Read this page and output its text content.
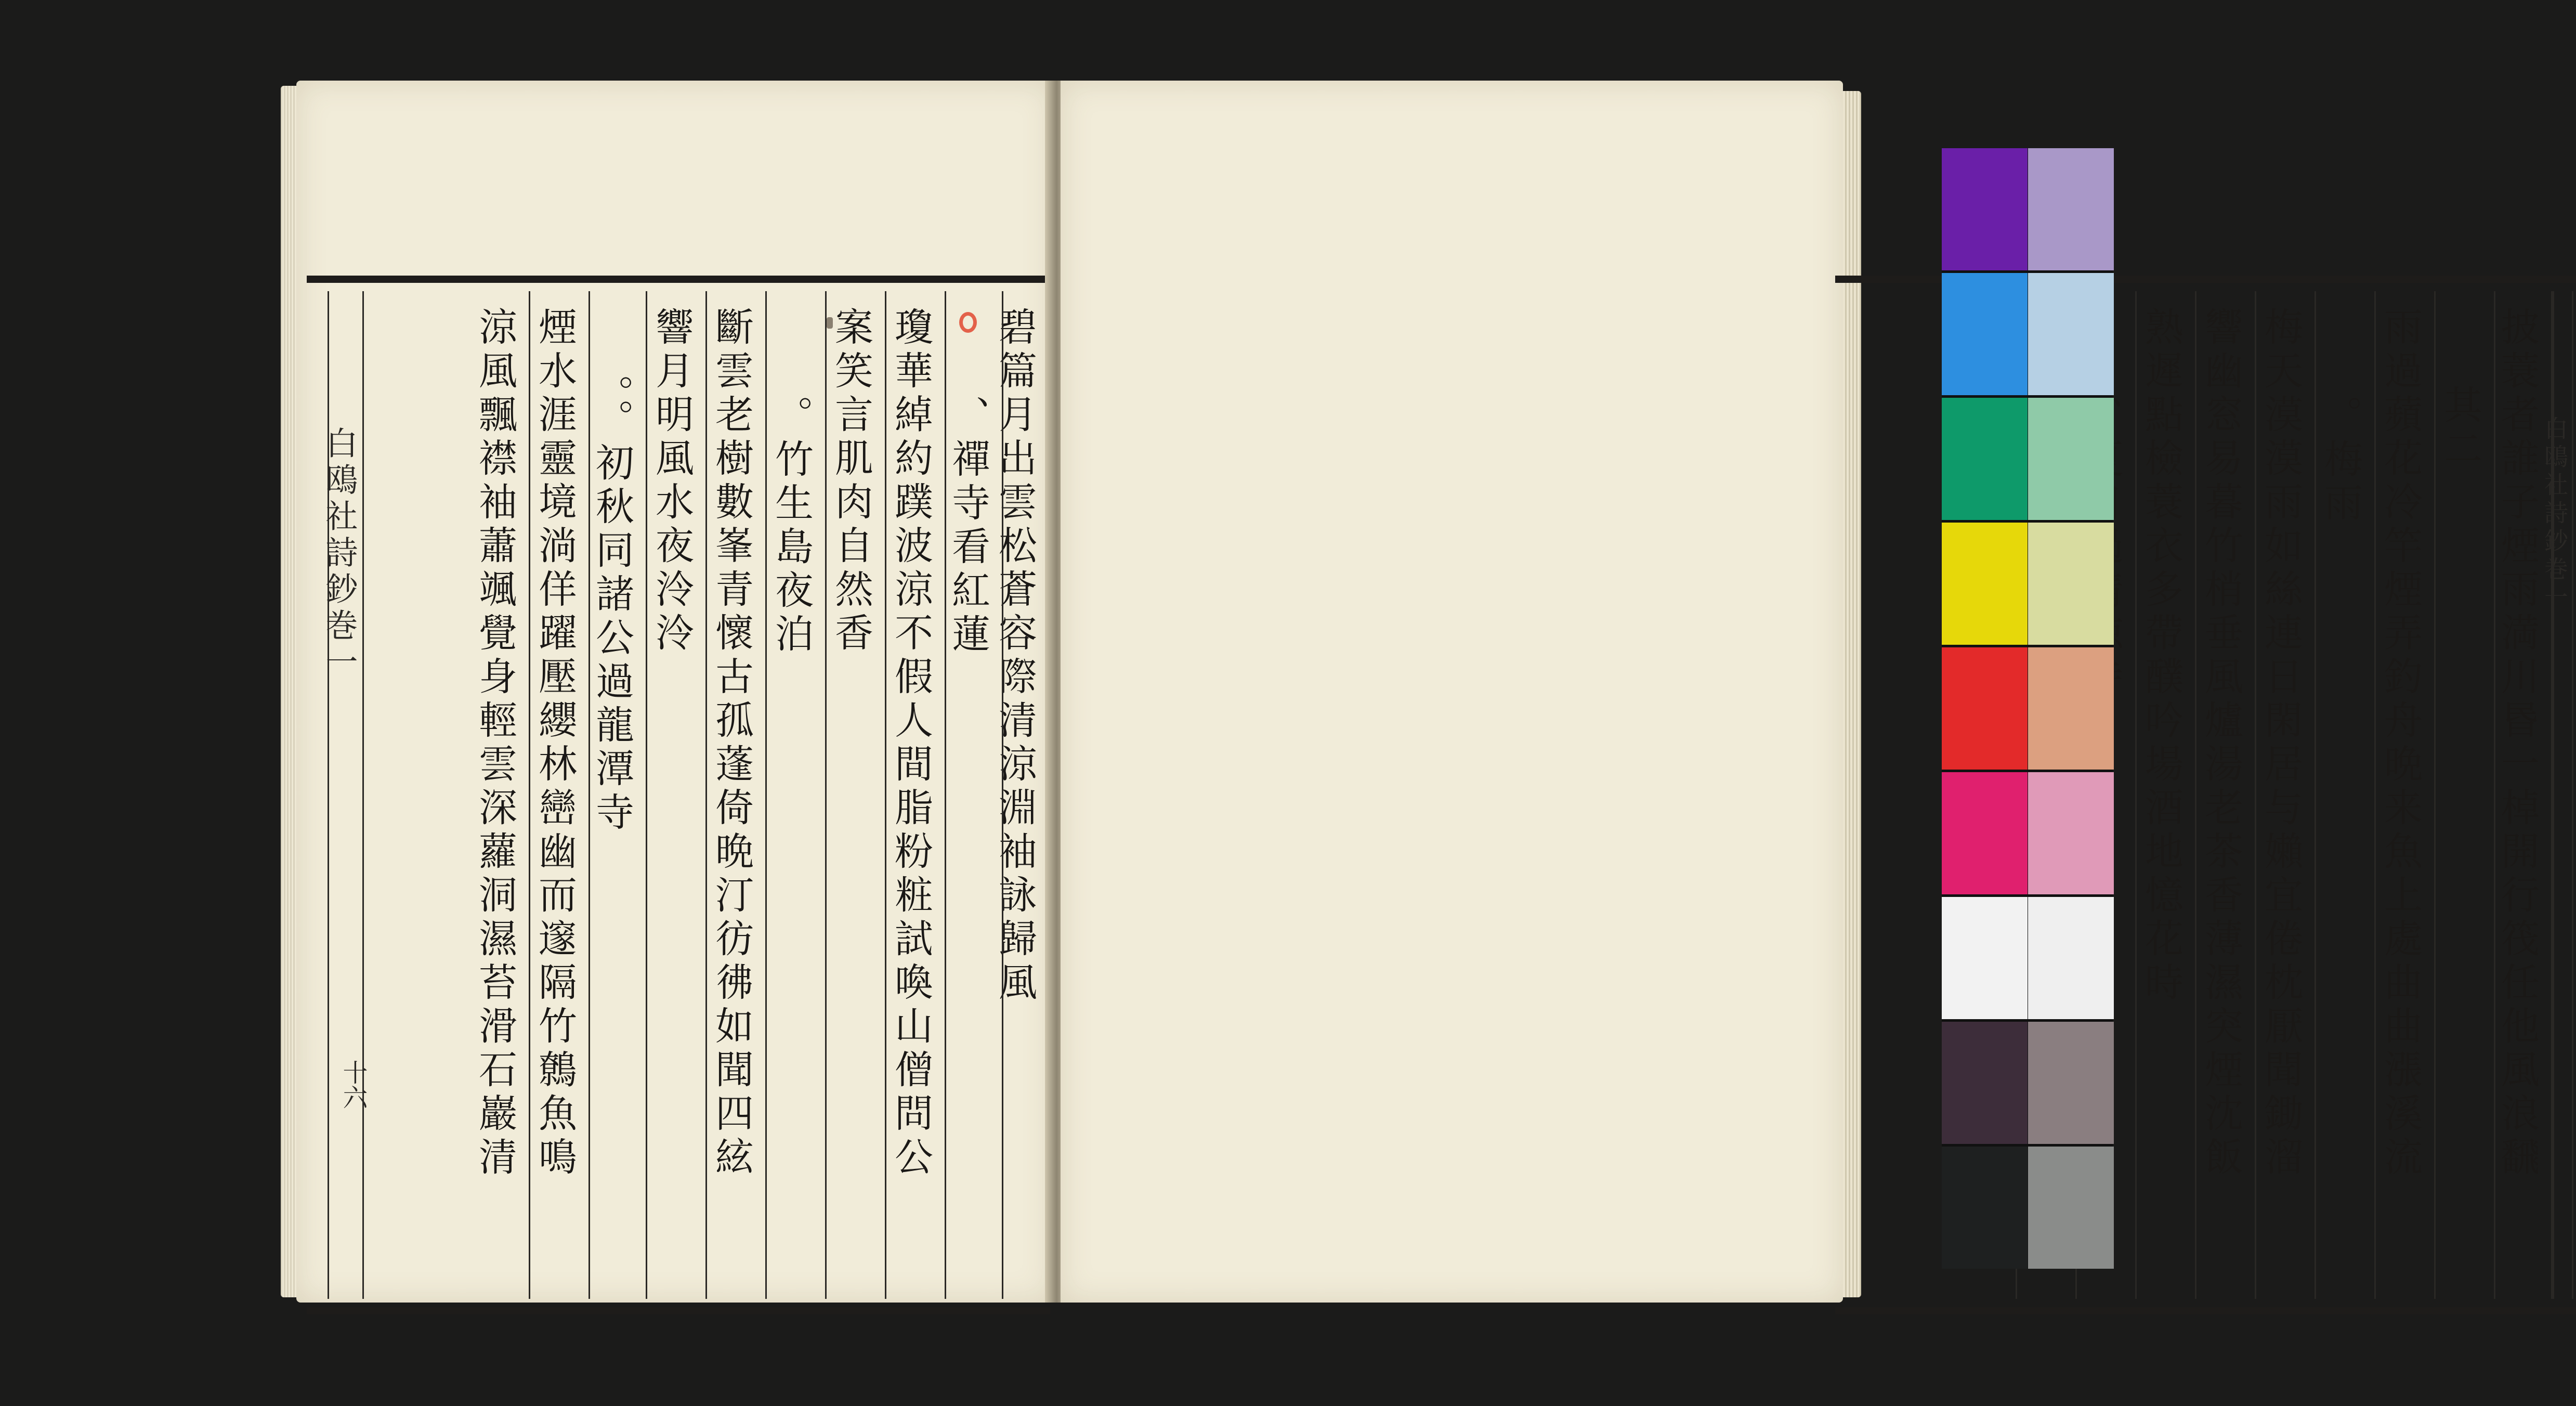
碧篇月出雲松蒼容際清涼淵袖詠歸風
、禪寺看紅蓮
瓊華綽約蹼波涼不假人間脂粉粧試喚山僧問公
案笑言肌肉自然香
。竹生島夜泊
斷雲老樹數峯青懷古孤蓬倚晩汀彷彿如聞四絃
響月明風水夜泠泠
。。初秋同諸公過龍潭寺
煙水涯靈境淌佯躍壓纓林巒幽而邃隔竹鷯魚鳴
涼風飄襟袖蕭颯覺身輕雲深蘿洞濕苔滑石巖清
白鴎社詩鈔巻一
十六	披蓑者誰子煙雨満川昬一棹開行筏任他風浪飜
其二
雨過蘋花冷竿煙弄釣舟晩来魚上處曲曲漲溪流
。梅雨
梅天漠漠雨如絲連日閑居与嬾宜倦枕厭聞鋤溜
響幽窓易暮竹梢垂風爐湯老茶香薄濕突煙沈飯
熟遲點檢蓑衣多帶醭吟場酒地憶花時	白鴎社詩鈔巻一
